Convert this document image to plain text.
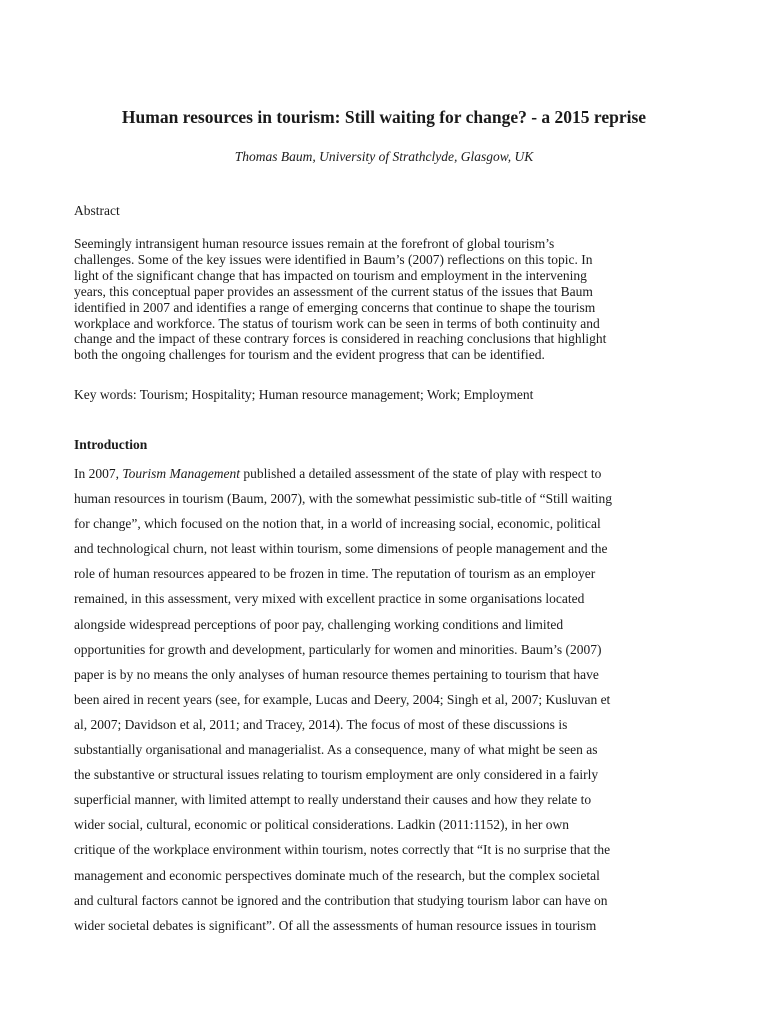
Human resources in tourism: Still waiting for change? - a 2015 reprise

Thomas Baum, University of Strathclyde, Glasgow, UK

Abstract

Seemingly intransigent human resource issues remain at the forefront of global tourism’s
challenges. Some of the key issues were identified in Baum’s (2007) reflections on this topic. In
light of the significant change that has impacted on tourism and employment in the intervening
years, this conceptual paper provides an assessment of the current status of the issues that Baum
identified in 2007 and identifies a range of emerging concerns that continue to shape the tourism
workplace and workforce. The status of tourism work can be seen in terms of both continuity and
change and the impact of these contrary forces is considered in reaching conclusions that highlight
both the ongoing challenges for tourism and the evident progress that can be identified.

Key words: Tourism; Hospitality; Human resource management; Work; Employment

Introduction

In 2007, Tourism Management published a detailed assessment of the state of play with respect to
human resources in tourism (Baum, 2007), with the somewhat pessimistic sub-title of “Still waiting
for change”, which focused on the notion that, in a world of increasing social, economic, political
and technological churn, not least within tourism, some dimensions of people management and the
role of human resources appeared to be frozen in time. The reputation of tourism as an employer
remained, in this assessment, very mixed with excellent practice in some organisations located
alongside widespread perceptions of poor pay, challenging working conditions and limited
opportunities for growth and development, particularly for women and minorities. Baum’s (2007)
paper is by no means the only analyses of human resource themes pertaining to tourism that have
been aired in recent years (see, for example, Lucas and Deery, 2004; Singh et al, 2007; Kusluvan et
al, 2007; Davidson et al, 2011; and Tracey, 2014). The focus of most of these discussions is
substantially organisational and managerialist. As a consequence, many of what might be seen as
the substantive or structural issues relating to tourism employment are only considered in a fairly
superficial manner, with limited attempt to really understand their causes and how they relate to
wider social, cultural, economic or political considerations. Ladkin (2011:1152), in her own
critique of the workplace environment within tourism, notes correctly that “It is no surprise that the
management and economic perspectives dominate much of the research, but the complex societal
and cultural factors cannot be ignored and the contribution that studying tourism labor can have on
wider societal debates is significant”. Of all the assessments of human resource issues in tourism
